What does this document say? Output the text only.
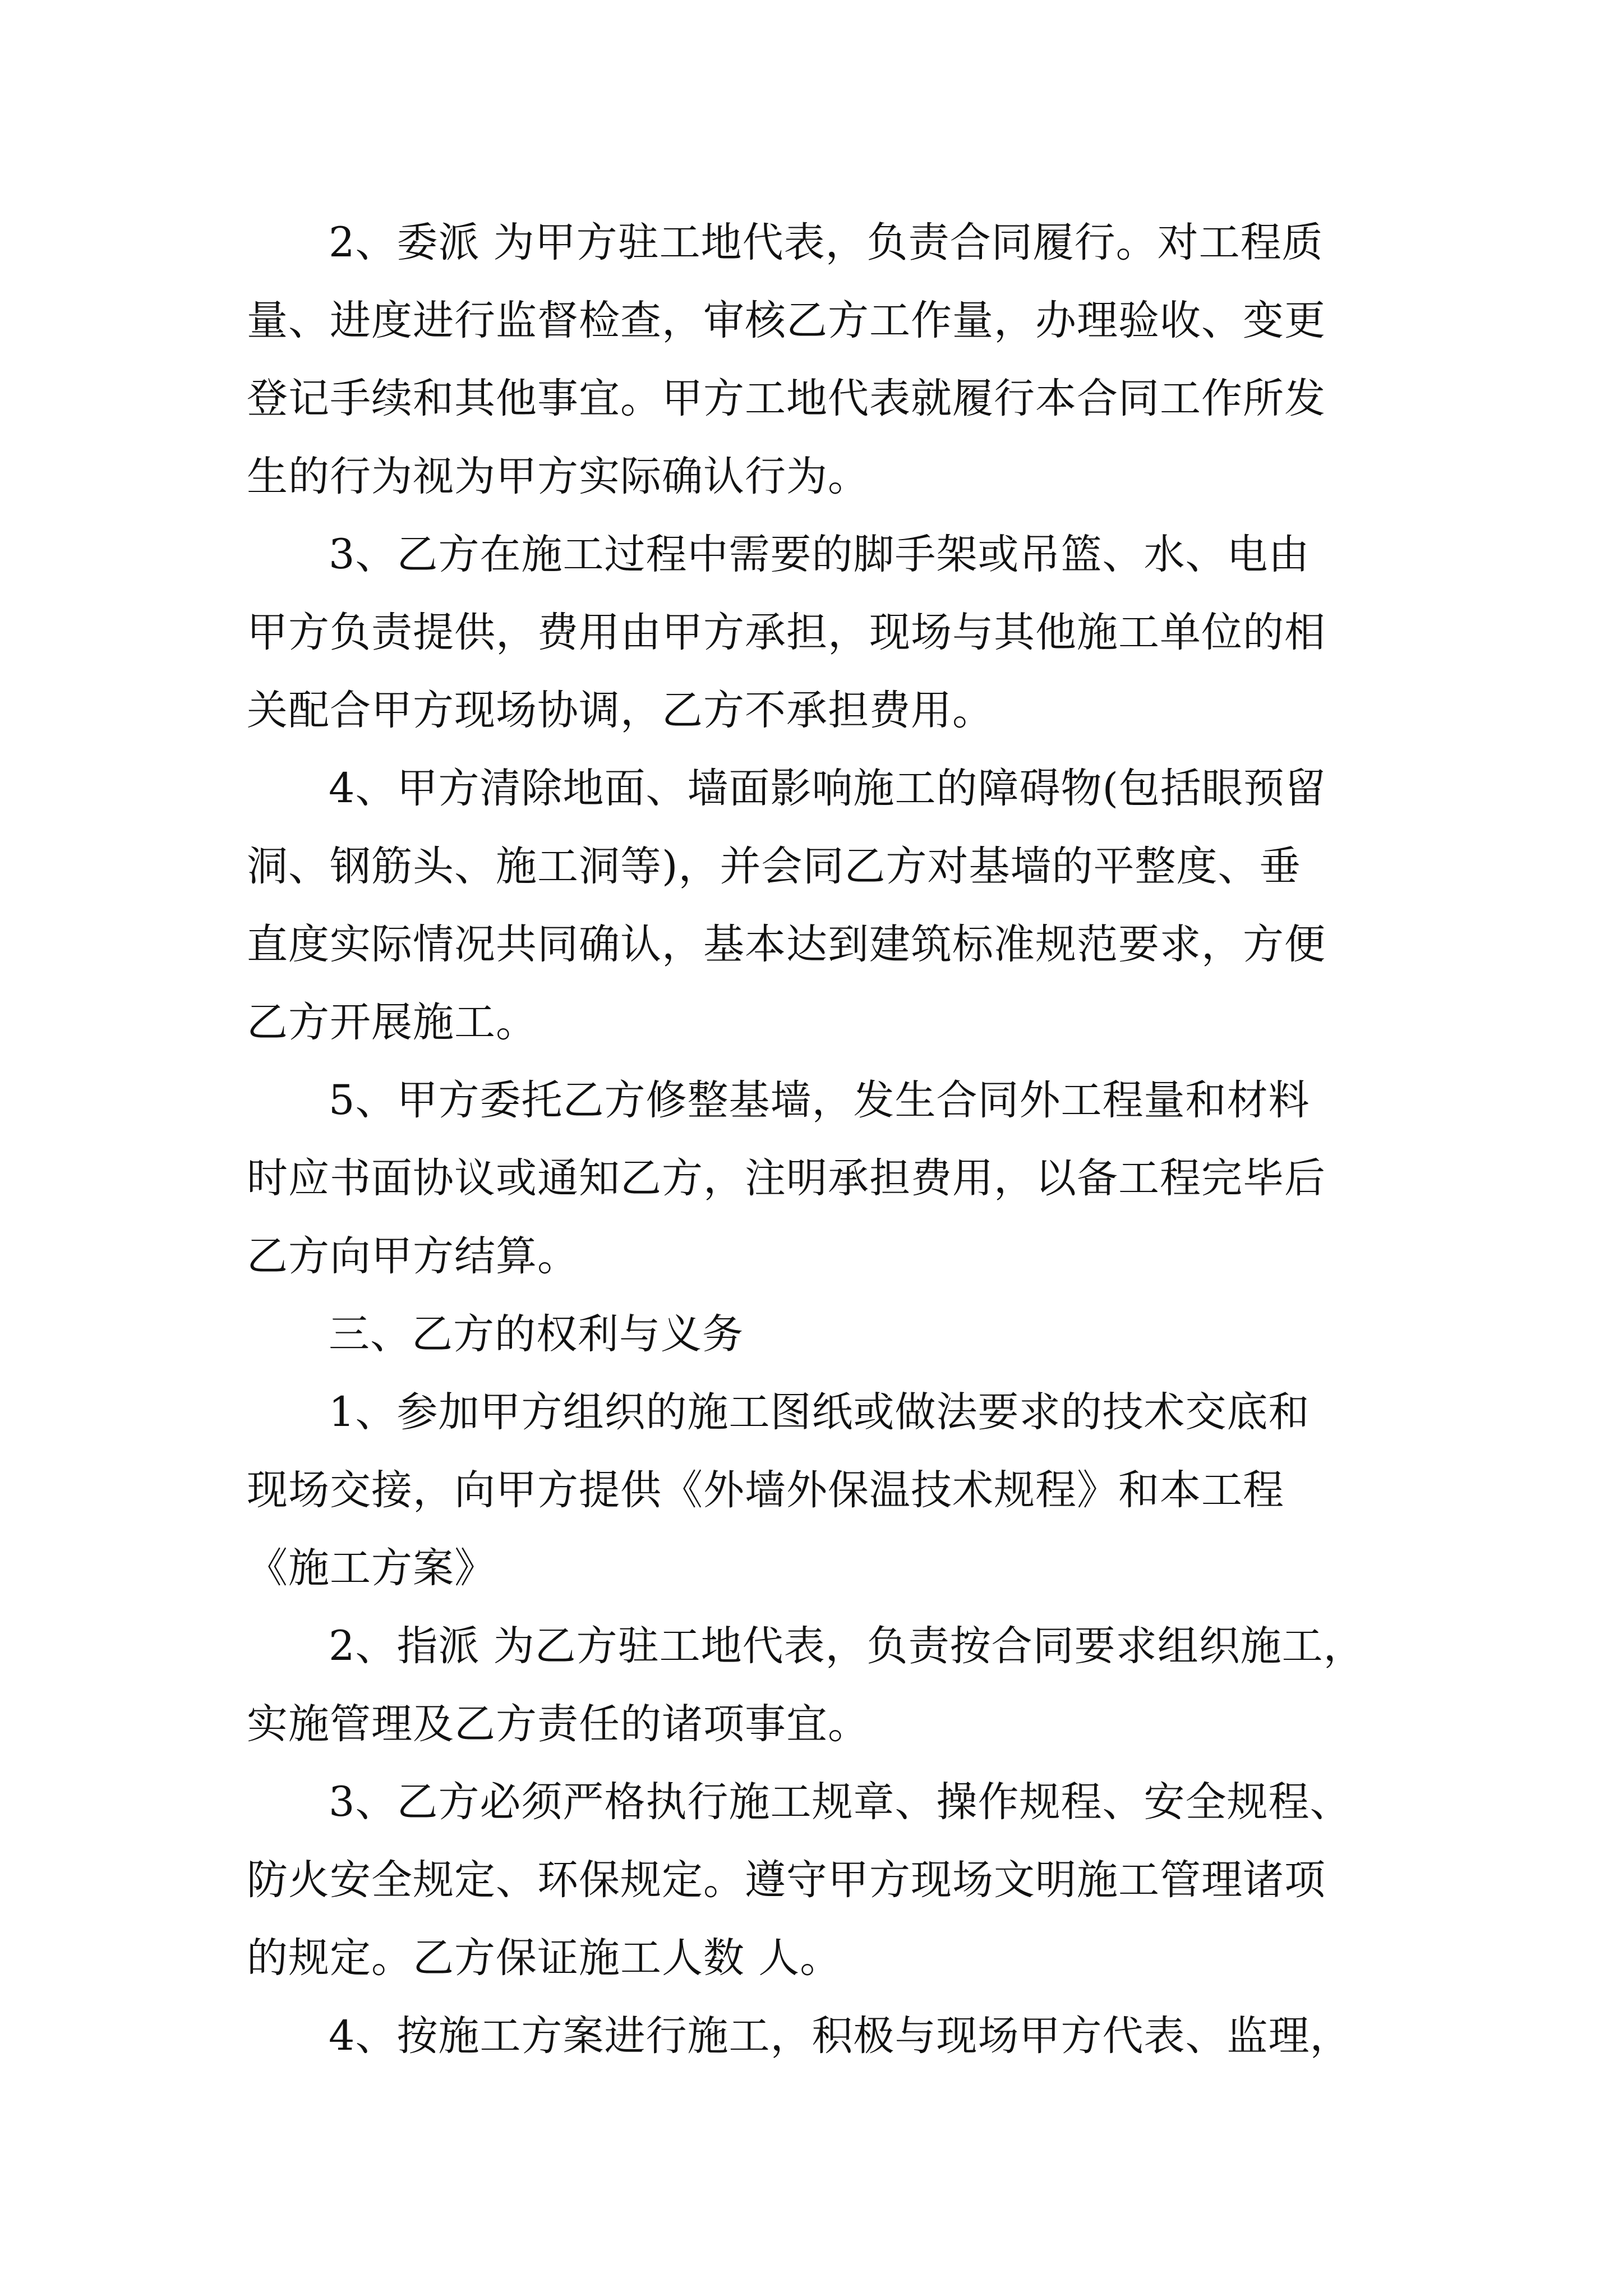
2、委派 为甲方驻工地代表，负责合同履行。对工程质

量、进度进行监督检查，审核乙方工作量，办理验收、变更

登记手续和其他事宜。甲方工地代表就履行本合同工作所发

生的行为视为甲方实际确认行为。

3、乙方在施工过程中需要的脚手架或吊篮、水、电由

甲方负责提供，费用由甲方承担，现场与其他施工单位的相

关配合甲方现场协调，乙方不承担费用。

4、甲方清除地面、墙面影响施工的障碍物(包括眼预留

洞、钢筋头、施工洞等)，并会同乙方对基墙的平整度、垂

直度实际情况共同确认，基本达到建筑标准规范要求，方便

乙方开展施工。

5、甲方委托乙方修整基墙，发生合同外工程量和材料

时应书面协议或通知乙方，注明承担费用，以备工程完毕后

乙方向甲方结算。

三、乙方的权利与义务

1、参加甲方组织的施工图纸或做法要求的技术交底和

现场交接，向甲方提供《外墙外保温技术规程》和本工程

《施工方案》

2、指派 为乙方驻工地代表，负责按合同要求组织施工，

实施管理及乙方责任的诸项事宜。

3、乙方必须严格执行施工规章、操作规程、安全规程、

防火安全规定、环保规定。遵守甲方现场文明施工管理诸项

的规定。乙方保证施工人数 人。

4、按施工方案进行施工，积极与现场甲方代表、监理，
